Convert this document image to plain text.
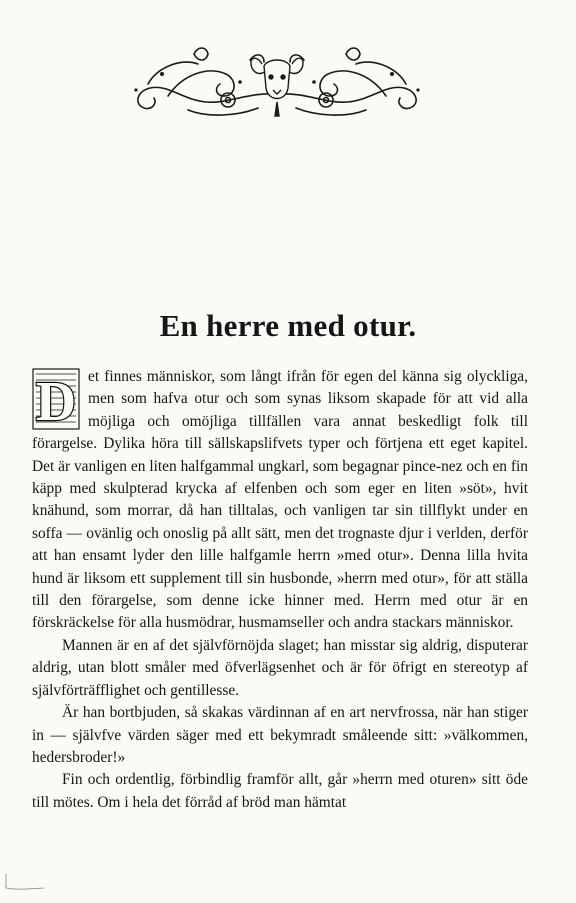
En herre med otur.

D et finnes människor, som långt ifrån för egen del känna sig olyckliga, men som hafva otur och som synas liksom skapade för att vid alla möjliga och omöjliga tillfällen vara annat beskedligt folk till förargelse. Dylika höra till sällskapslifvets typer och förtjena ett eget kapitel. Det är vanligen en liten halfgammal ungkarl, som begagnar pince-nez och en fin käpp med skulpterad krycka af elfenben och som eger en liten »söt», hvit knähund, som morrar, då han tilltalas, och vanligen tar sin tillflykt under en soffa — ovänlig och onoslig på allt sätt, men det trognaste djur i verlden, derför att han ensamt lyder den lille halfgamle herrn »med otur». Denna lilla hvita hund är liksom ett supplement till sin husbonde, »herrn med otur», för att ställa till den förargelse, som denne icke hinner med. Herrn med otur är en förskräckelse för alla husmödrar, husmamseller och andra stackars människor.

Mannen är en af det självförnöjda slaget; han misstar sig aldrig, disputerar aldrig, utan blott småler med öfverlägsenhet och är för öfrigt en stereotyp af självförträfflighet och gentillesse.

Är han bortbjuden, så skakas värdinnan af en art nervfrossa, när han stiger in — självfve värden säger med ett bekymradt småleende sitt: »välkommen, hedersbroder!»

Fin och ordentlig, förbindlig framför allt, går »herrn med oturen» sitt öde till mötes. Om i hela det förråd af bröd man hämtat
